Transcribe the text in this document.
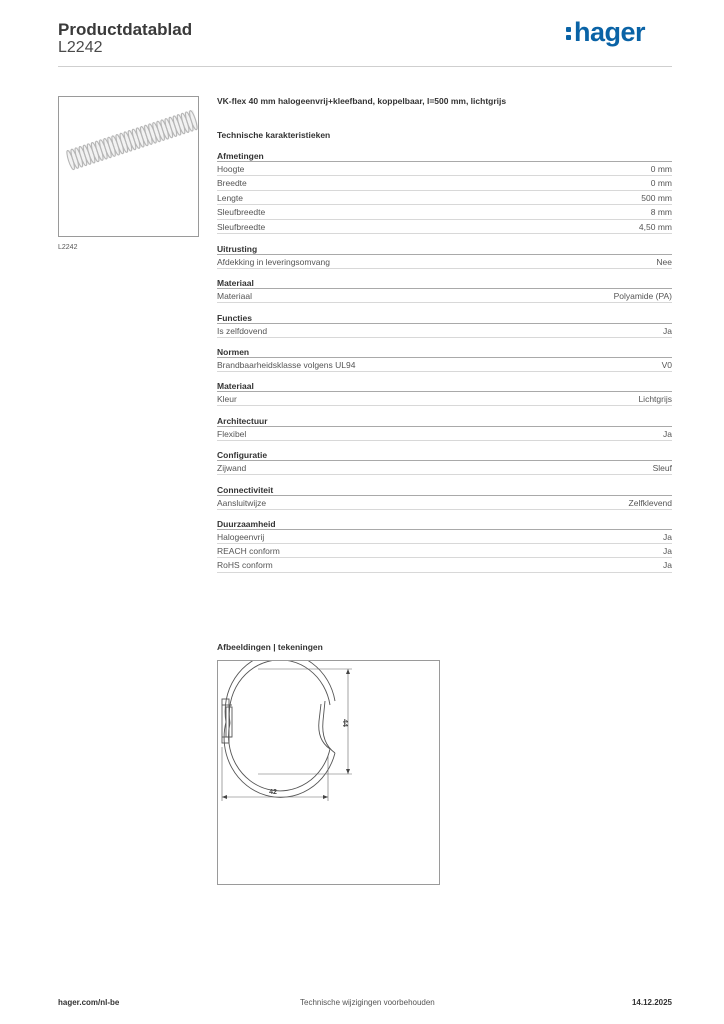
Productdatablad
L2242
hager
L2242
VK-flex 40 mm halogeenvrij+kleefband, koppelbaar, l=500 mm, lichtgrijs
Technische karakteristieken
Afmetingen
Hoogte	0 mm
Breedte	0 mm
Lengte	500 mm
Sleufbreedte	8 mm
Sleufbreedte	4,50 mm
Uitrusting
Afdekking in leveringsomvang	Nee
Materiaal
Materiaal	Polyamide (PA)
Functies
Is zelfdovend	Ja
Normen
Brandbaarheidsklasse volgens UL94	V0
Materiaal
Kleur	Lichtgrijs
Architectuur
Flexibel	Ja
Configuratie
Zijwand	Sleuf
Connectiviteit
Aansluitwijze	Zelfklevend
Duurzaamheid
Halogeenvrij	Ja
REACH conform	Ja
RoHS conform	Ja
Afbeeldingen | tekeningen
44
42
hager.com/nl-be	Technische wijzigingen voorbehouden	14.12.2025
